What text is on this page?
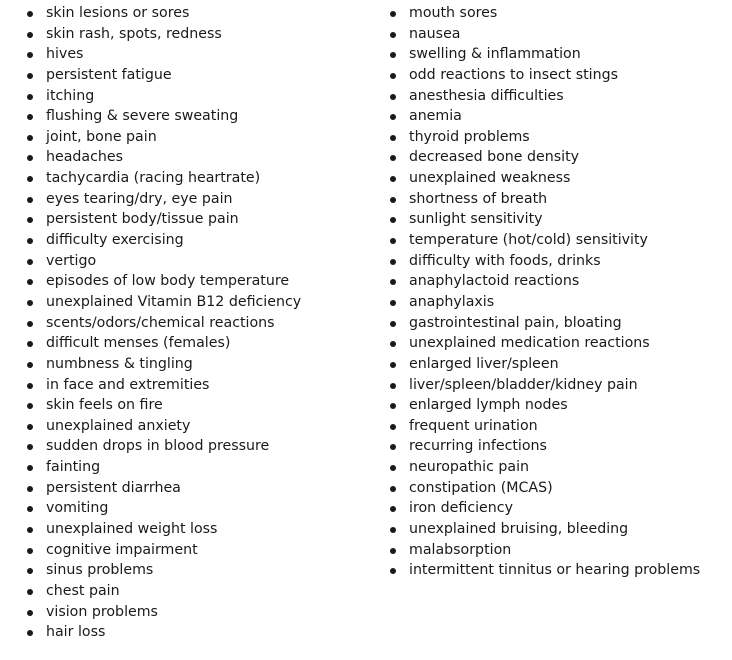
skin lesions or sores
skin rash, spots, redness
hives
persistent fatigue
itching
flushing & severe sweating
joint, bone pain
headaches
tachycardia (racing heartrate)
eyes tearing/dry, eye pain
persistent body/tissue pain
difficulty exercising
vertigo
episodes of low body temperature
unexplained Vitamin B12 deficiency
scents/odors/chemical reactions
difficult menses (females)
numbness & tingling
in face and extremities
skin feels on fire
unexplained anxiety
sudden drops in blood pressure
fainting
persistent diarrhea
vomiting
unexplained weight loss
cognitive impairment
sinus problems
chest pain
vision problems
hair loss
mouth sores
nausea
swelling & inflammation
odd reactions to insect stings
anesthesia difficulties
anemia
thyroid problems
decreased bone density
unexplained weakness
shortness of breath
sunlight sensitivity
temperature (hot/cold) sensitivity
difficulty with foods, drinks
anaphylactoid reactions
anaphylaxis
gastrointestinal pain, bloating
unexplained medication reactions
enlarged liver/spleen
liver/spleen/bladder/kidney pain
enlarged lymph nodes
frequent urination
recurring infections
neuropathic pain
constipation (MCAS)
iron deficiency
unexplained bruising, bleeding
malabsorption
intermittent tinnitus or hearing problems
